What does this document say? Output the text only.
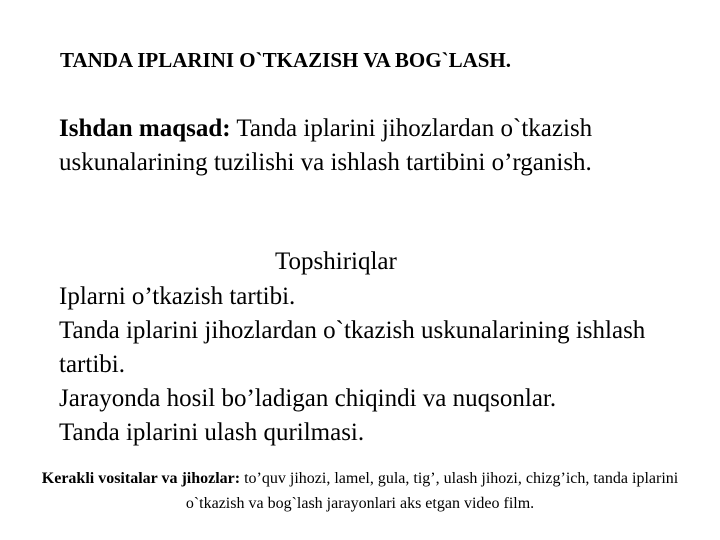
TANDA IPLARINI O`TKAZISH VA BOG`LASH.
Ishdan maqsad: Tanda iplarini jihozlardan o`tkazish uskunalarining tuzilishi va ishlash tartibini o’rganish.
Topshiriqlar
Iplarni o’tkazish tartibi.
Tanda iplarini jihozlardan o`tkazish uskunalarining ishlash tartibi.
Jarayonda hosil bo’ladigan chiqindi va nuqsonlar.
Tanda iplarini ulash qurilmasi.
Kerakli vositalar va jihozlar: to’quv jihozi, lamel, gula, tig’, ulash jihozi, chizg’ich, tanda iplarini o`tkazish va bog`lash jarayonlari aks etgan video film.
